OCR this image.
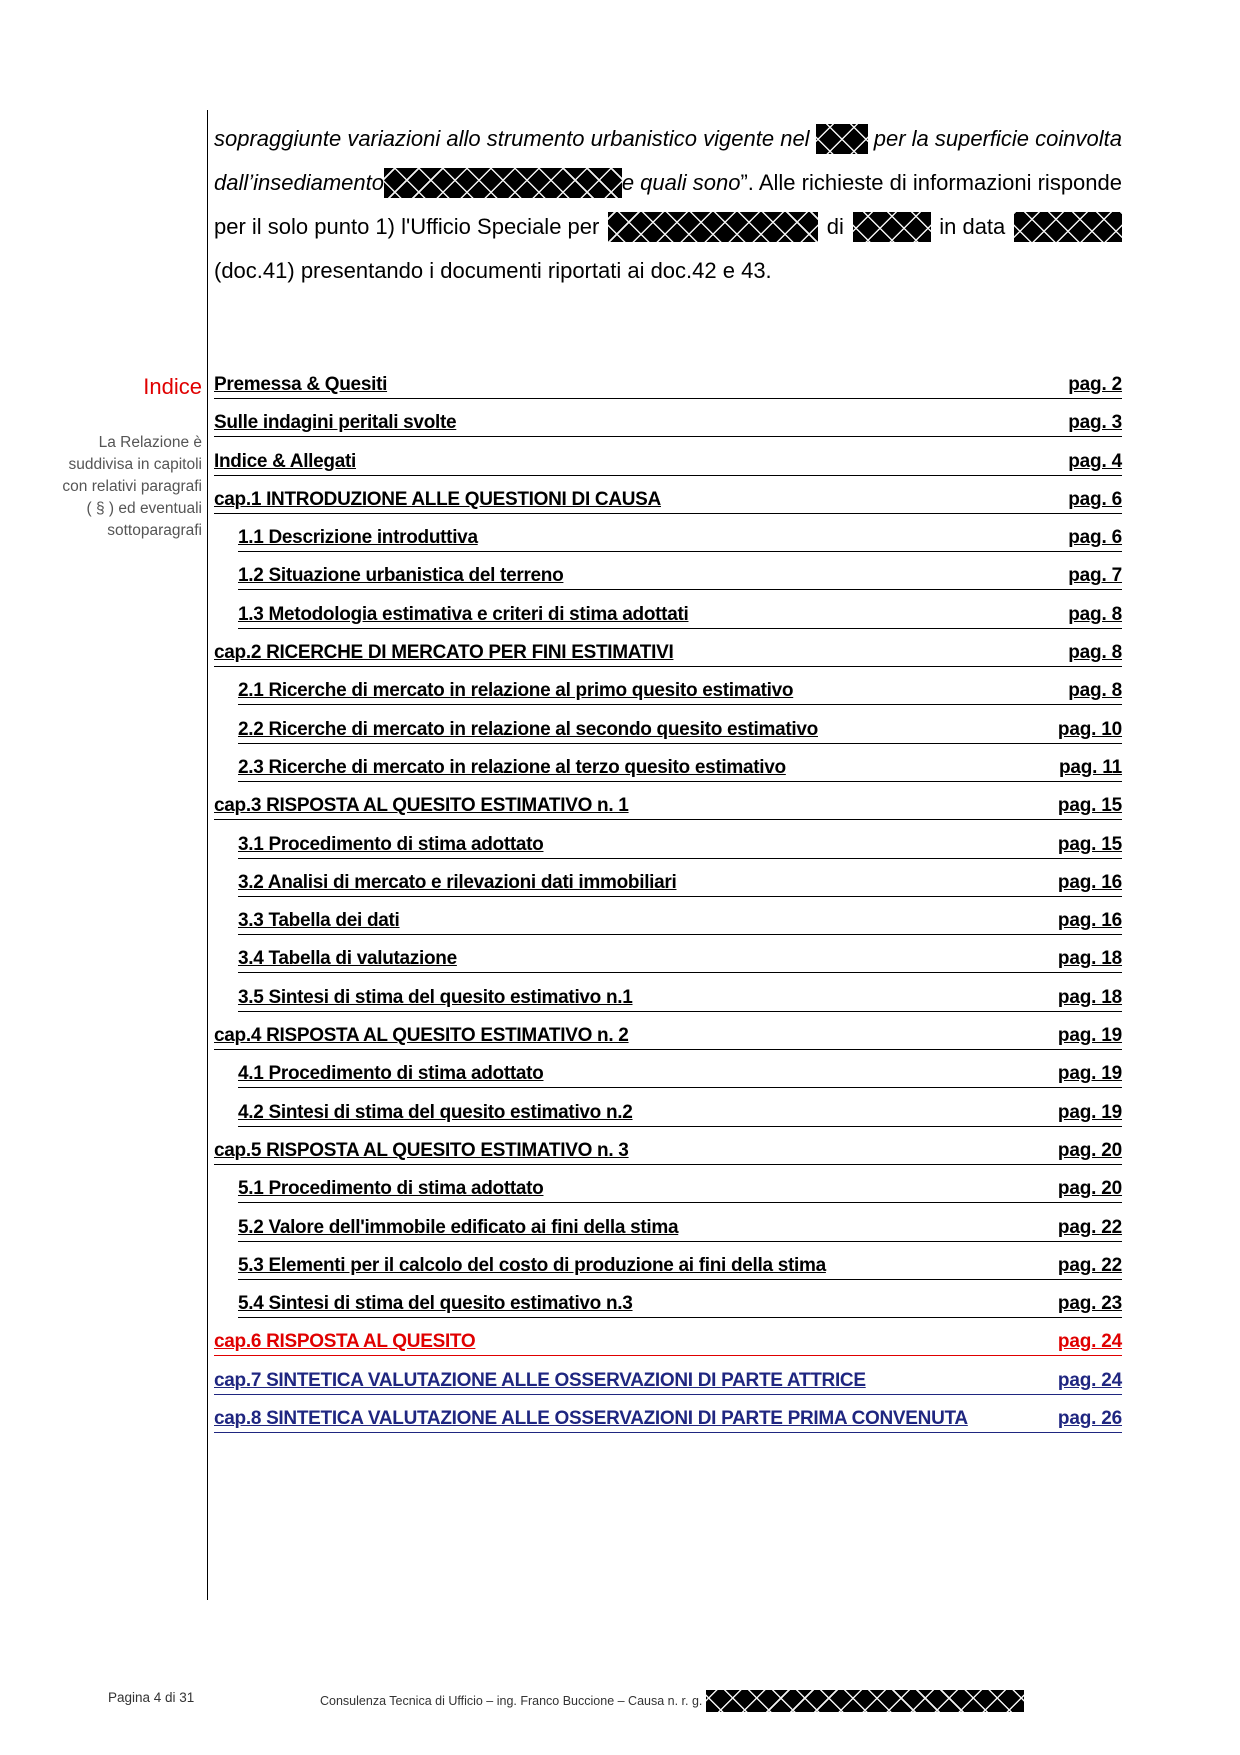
sopraggiunte variazioni allo strumento urbanistico vigente nel	per la superficie coinvolta
dall’insediamento	e quali sono”. Alle richieste di informazioni risponde
per il solo punto 1) l'Ufficio Speciale per	di	in data
(doc.41) presentando i documenti riportati ai doc.42 e 43.
Indice
La Relazione è suddivisa in capitoli con relativi paragrafi ( § ) ed eventuali sottoparagrafi
Premessa & Quesiti	pag. 2
Sulle indagini peritali svolte	pag. 3
Indice & Allegati	pag. 4
cap.1 INTRODUZIONE ALLE QUESTIONI DI CAUSA	pag. 6
1.1 Descrizione introduttiva	pag. 6
1.2 Situazione urbanistica del terreno	pag. 7
1.3 Metodologia estimativa e criteri di stima adottati	pag. 8
cap.2 RICERCHE DI MERCATO PER FINI ESTIMATIVI	pag. 8
2.1 Ricerche di mercato in relazione al primo quesito estimativo	pag. 8
2.2 Ricerche di mercato in relazione al secondo quesito estimativo	pag. 10
2.3 Ricerche di mercato in relazione al terzo quesito estimativo	pag. 11
cap.3 RISPOSTA AL QUESITO ESTIMATIVO n. 1	pag. 15
3.1 Procedimento di stima adottato	pag. 15
3.2 Analisi di mercato e rilevazioni dati immobiliari	pag. 16
3.3 Tabella dei dati	pag. 16
3.4 Tabella di valutazione	pag. 18
3.5 Sintesi di stima del quesito estimativo n.1	pag. 18
cap.4 RISPOSTA AL QUESITO ESTIMATIVO n. 2	pag. 19
4.1 Procedimento di stima adottato	pag. 19
4.2 Sintesi di stima del quesito estimativo n.2	pag. 19
cap.5 RISPOSTA AL QUESITO ESTIMATIVO n. 3	pag. 20
5.1 Procedimento di stima adottato	pag. 20
5.2 Valore dell'immobile edificato ai fini della stima	pag. 22
5.3 Elementi per il calcolo del costo di produzione ai fini della stima	pag. 22
5.4 Sintesi di stima del quesito estimativo n.3	pag. 23
cap.6 RISPOSTA AL QUESITO	pag. 24
cap.7 SINTETICA VALUTAZIONE ALLE OSSERVAZIONI DI PARTE ATTRICE	pag. 24
cap.8 SINTETICA VALUTAZIONE ALLE OSSERVAZIONI DI PARTE PRIMA CONVENUTA	pag. 26
Pagina 4 di 31	Consulenza Tecnica di Ufficio – ing. Franco Buccione – Causa n. r. g.
